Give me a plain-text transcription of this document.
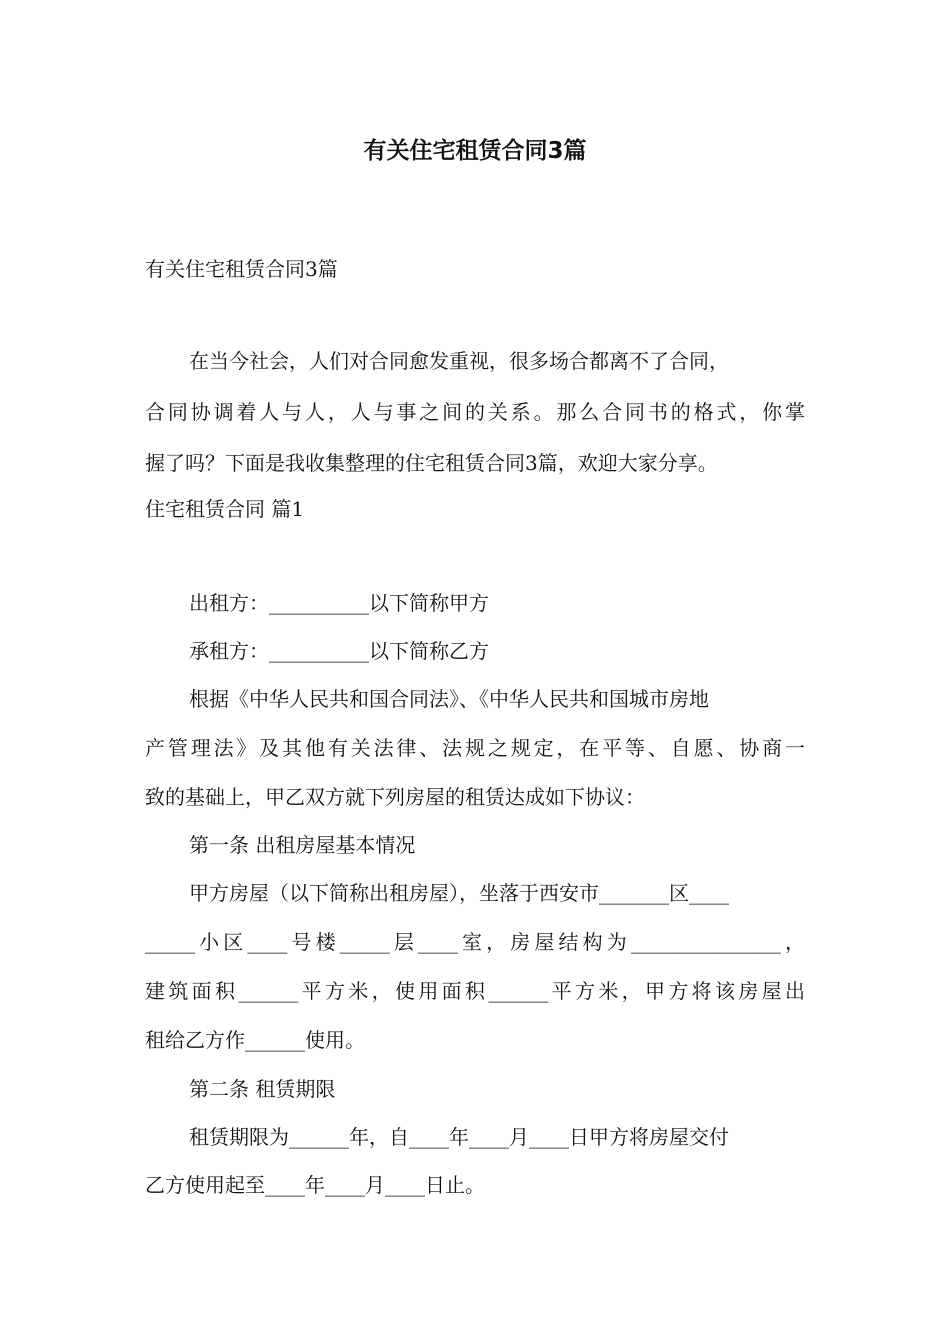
有关住宅租赁合同3篇
有关住宅租赁合同3篇
在当今社会，人们对合同愈发重视，很多场合都离不了合同，
合同协调着人与人，人与事之间的关系。那么合同书的格式，你掌
握了吗？下面是我收集整理的住宅租赁合同3篇，欢迎大家分享。
住宅租赁合同 篇1
出租方：__________以下简称甲方
承租方：__________以下简称乙方
根据《中华人民共和国合同法》、《中华人民共和国城市房地
产管理法》及其他有关法律、法规之规定，在平等、自愿、协商一
致的基础上，甲乙双方就下列房屋的租赁达成如下协议：
第一条 出租房屋基本情况
甲方房屋（以下简称出租房屋），坐落于西安市_______区____
_____小区____号楼_____层____室，房屋结构为_______________，
建筑面积______平方米，使用面积______平方米，甲方将该房屋出
租给乙方作______使用。
第二条 租赁期限
租赁期限为______年，自____年____月____日甲方将房屋交付
乙方使用起至____年____月____日止。
